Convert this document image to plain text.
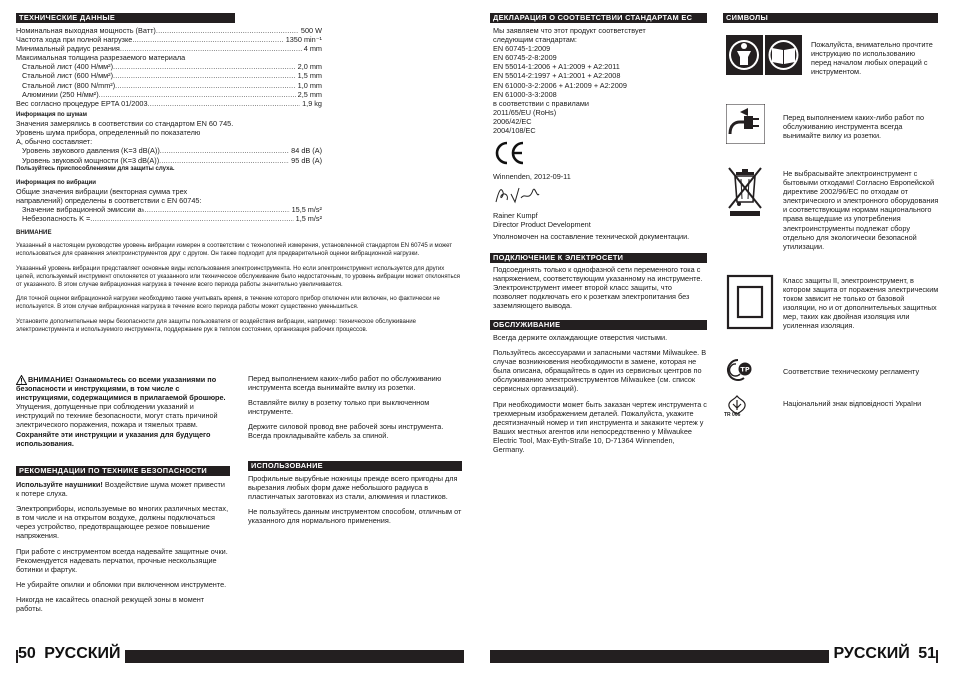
ТЕХНИЧЕСКИЕ ДАННЫЕ
Номинальная выходная мощность (Ватт) .....	500 W
Частота хода при полной нагрузке .....	1350 min⁻¹
Минимальный радиус резания .....	4 mm
Максимальная толщина разрезаемого материала
Стальной лист (400 Н/мм²) .....	2,0 mm
Стальной лист (600 Н/мм²) .....	1,5 mm
Стальной лист (800 N/mm²) .....	1,0 mm
Алюминии (250 Н/мм²) .....	2,5 mm
Вес согласно процедуре EPTA 01/2003 .....	1,9 kg
Информация по шумам
Значения замерялись в соответствии со стандартом EN 60 745.
Уровень шума прибора, определенный по показателю
A, обычно составляет:
Уровень звукового давления (K=3 dB(A)) .....	84 dB (A)
Уровень звуковой мощности (K=3 dB(A)) .....	95 dB (A)
Пользуйтесь приспособлениями для защиты слуха.
Информация по вибрации
Общие значения вибрации (векторная сумма трех
направлений) определены в соответствии с EN 60745:
Значение вибрационной эмиссии aₕ .....	15,5 m/s²
Небезопасность K = .....	1,5 m/s²
ВНИМАНИЕ

Указанный в настоящем руководстве уровень вибрации измерен в соответствии с технологией измерения, установленной стандартом EN 60745 и может использоваться для сравнения электроинструментов друг с другом. Он также подходит для предварительной оценки вибрационной нагрузки.

Указанный уровень вибрации представляет основные виды использования электроинструмента. Но если электроинструмент используется для других целей, используемый инструмент отклоняется от указанного или техническое обслуживание было недостаточным, то уровень вибрации может отклоняться от указанного. В этом случае вибрационная нагрузка в течение всего периода работы значительно увеличивается.

Для точной оценки вибрационной нагрузки необходимо также учитывать время, в течение которого прибор отключен или включен, но фактически не используется. В этом случае вибрационная нагрузка в течение всего периода работы может существенно уменьшиться.

Установите дополнительные меры безопасности для защиты пользователя от воздействия вибрации, например: техническое обслуживание электроинструмента и используемого инструмента, поддержание рук в теплом состоянии, организация рабочих процессов.

ВНИМАНИЕ! Ознакомьтесь со всеми указаниями по безопасности и инструкциями, в том числе с инструкциями, содержащимися в прилагаемой брошюре. Упущения, допущенные при соблюдении указаний и инструкций по технике безопасности, могут стать причиной электрического поражения, пожара и тяжелых травм.
Сохраняйте эти инструкции и указания для будущего использования.
РЕКОМЕНДАЦИИ ПО ТЕХНИКЕ БЕЗОПАСНОСТИ

Используйте наушники! Воздействие шума может привести к потере слуха.

Электроприборы, используемые во многих различных местах, в том числе и на открытом воздухе, должны подключаться через устройство, предотвращающее резкое повышение напряжения.

При работе с инструментом всегда надевайте защитные очки. Рекомендуется надевать перчатки, прочные нескользящие ботинки и фартук.

Не убирайте опилки и обломки при включенном инструменте.

Никогда не касайтесь опасной режущей зоны в момент работы.

Перед выполнением каких-либо работ по обслуживанию инструмента всегда вынимайте вилку из розетки.

Вставляйте вилку в розетку только при выключенном инструменте.

Держите силовой провод вне рабочей зоны инструмента. Всегда прокладывайте кабель за спиной.

ИСПОЛЬЗОВАНИЕ

Профильные вырубные ножницы прежде всего пригодны для вырезания любых форм даже небольшого радиуса в пластинчатых заготовках из стали, алюминия и пластиков.

Не пользуйтесь данным инструментом способом, отличным от указанного для нормального применения.

50 РУССКИЙ
ДЕКЛАРАЦИЯ О СООТВЕТСТВИИ СТАНДАРТАМ ЕС
Мы заявляем что этот продукт соответствует
следующим стандартам:
EN 60745-1:2009
EN 60745-2-8:2009
EN 55014-1:2006 + A1:2009 + A2:2011
EN 55014-2:1997 + A1:2001 + A2:2008
EN 61000-3-2:2006 + A1:2009 + A2:2009
EN 61000-3-3:2008
в соответствии с правилами
2011/65/EU (RoHs)
2006/42/EC
2004/108/EC
Winnenden, 2012-09-11
Rainer Kumpf
Director Product Development
Уполномочен на составление технической документации.
ПОДКЛЮЧЕНИЕ К ЭЛЕКТРОСЕТИ
Подсоединять только к однофазной сети переменного тока с напряжением, соответствующим указанному на инструменте. Электроинструмент имеет второй класс защиты, что позволяет подключать его к розеткам электропитания без заземляющего вывода.
ОБСЛУЖИВАНИЕ

Всегда держите охлаждающие отверстия чистыми.

Пользуйтесь аксессуарами и запасными частями Milwaukee. В случае возникновения необходимости в замене, которая не была описана, обращайтесь в один из сервисных центров по обслуживанию электроинструментов Milwaukee (см. список сервисных организаций).

При необходимости может быть заказан чертеж инструмента с трехмерным изображением деталей. Пожалуйста, укажите десятизначный номер и тип инструмента и закажите чертеж у Ваших местных агентов или непосредственно у Milwaukee Electric Tool, Max-Eyth-Straße 10, D-71364 Winnenden, Germany.

СИМВОЛЫ
TP
TR 066
Пожалуйста, внимательно прочтите инструкцию по использованию перед началом любых операций с инструментом.
Перед выполнением каких-либо работ по обслуживанию инструмента всегда вынимайте вилку из розетки.
Не выбрасывайте электроинструмент с бытовыми отходами! Согласно Европейской директиве 2002/96/ЕС по отходам от электрического и электронного оборудования и соответствующим нормам национального права выщедшие из употребления электроинструменты подлежат сбору отдельно для экологически безопасной утилизации.
Класс защиты II, электроинструмент, в котором защита от поражения электрическим током зависит не только от базовой изоляции, но и от дополнительных защитных мер, таких как двойная изоляция или усиленная изоляция.
Соответствие техническому регламенту
Національний знак відповідності України
РУССКИЙ 51
